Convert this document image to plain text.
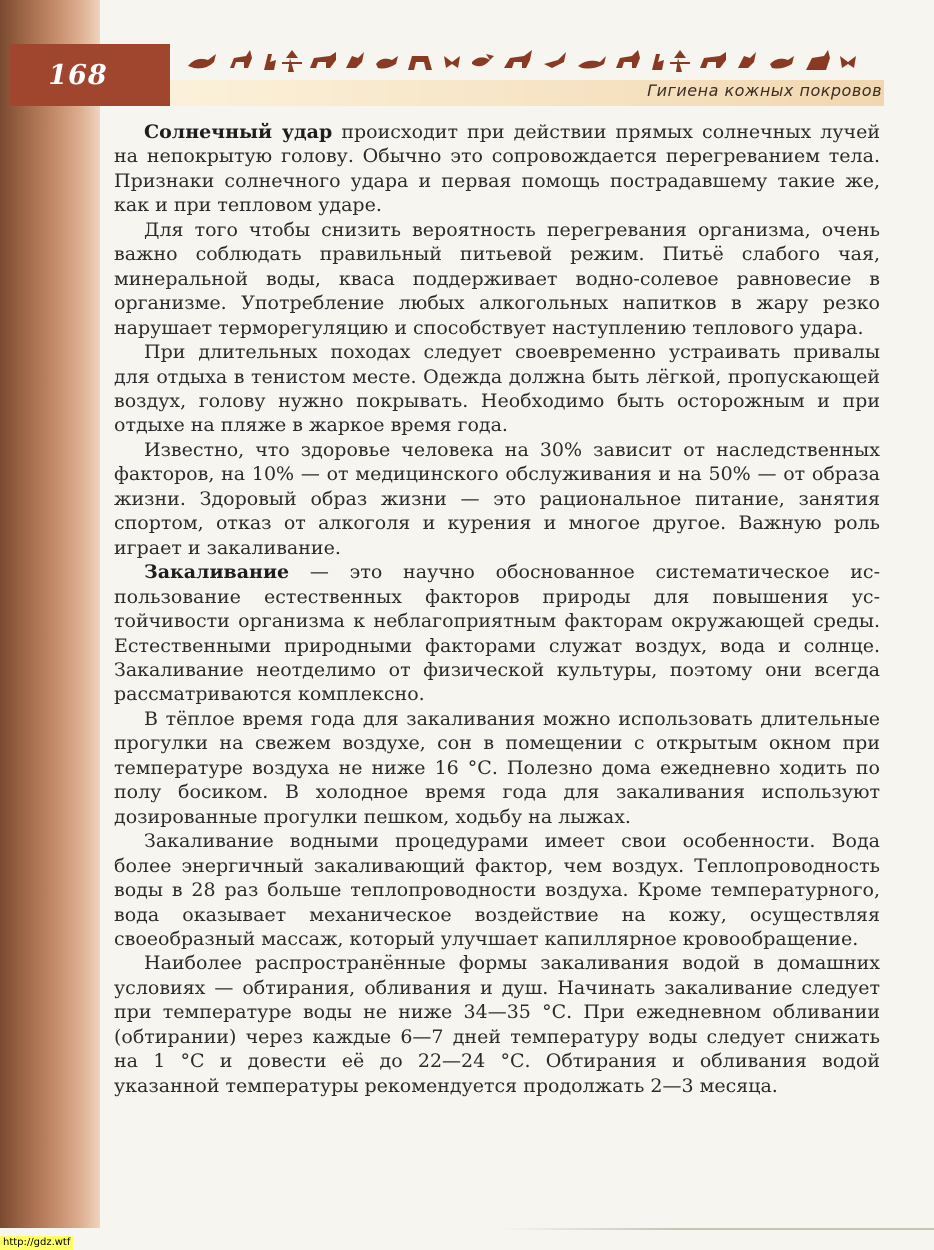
168	Гигиена кожных покровов

Солнечный удар происходит при действии прямых солнечных лучей на непокрытую голову. Обычно это сопровождается перегреванием тела. Признаки солнечного удара и первая помощь пострадавшему такие же, как и при тепловом ударе.

Для того чтобы снизить вероятность перегревания организма, очень важно соблюдать правильный питьевой режим. Питьё слабого чая, минеральной воды, кваса поддерживает водно-солевое равновесие в организме. Употребление любых алкогольных напитков в жару резко нарушает терморегуляцию и способствует наступлению теплового удара.

При длительных походах следует своевременно устраивать привалы для отдыха в тенистом месте. Одежда должна быть лёгкой, пропускающей воздух, голову нужно покрывать. Необходимо быть осторожным и при отдыхе на пляже в жаркое время года.

Известно, что здоровье человека на 30% зависит от наследственных факторов, на 10% — от медицинского обслуживания и на 50% — от образа жизни. Здоровый образ жизни — это рациональное питание, занятия спортом, отказ от алкоголя и курения и многое другое. Важную роль играет и закаливание.

Закаливание — это научно обоснованное систематическое использование естественных факторов природы для повышения устойчивости организма к неблагоприятным факторам окружающей среды. Естественными природными факторами служат воздух, вода и солнце. Закаливание неотделимо от физической культуры, поэтому они всегда рассматриваются комплексно.

В тёплое время года для закаливания можно использовать длительные прогулки на свежем воздухе, сон в помещении с открытым окном при температуре воздуха не ниже 16 °С. Полезно дома ежедневно ходить по полу босиком. В холодное время года для закаливания используют дозированные прогулки пешком, ходьбу на лыжах.

Закаливание водными процедурами имеет свои особенности. Вода более энергичный закаливающий фактор, чем воздух. Теплопроводность воды в 28 раз больше теплопроводности воздуха. Кроме температурного, вода оказывает механическое воздействие на кожу, осуществляя своеобразный массаж, который улучшает капиллярное кровообращение.

Наиболее распространённые формы закаливания водой в домашних условиях — обтирания, обливания и душ. Начинать закаливание следует при температуре воды не ниже 34—35 °С. При ежедневном обливании (обтирании) через каждые 6—7 дней температуру воды следует снижать на 1 °С и довести её до 22—24 °С. Обтирания и обливания водой указанной температуры рекомендуется продолжать 2—3 месяца.

http://gdz.wtf
